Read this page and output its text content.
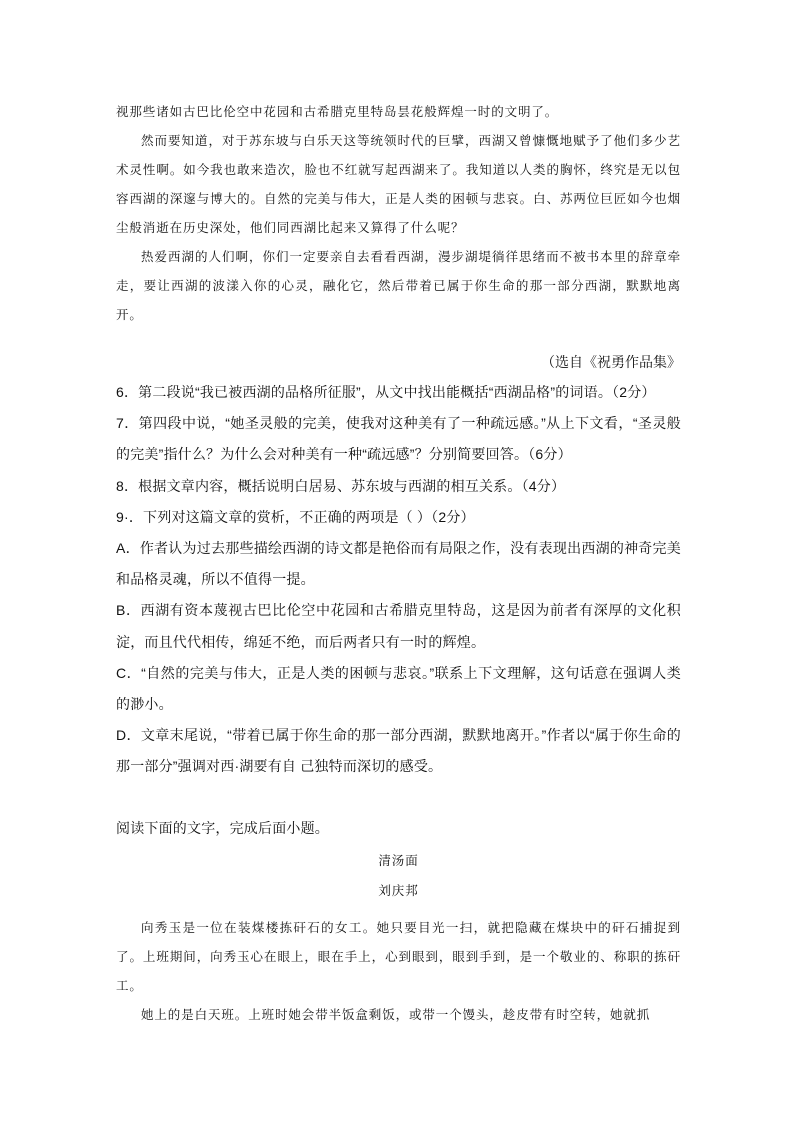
视那些诸如古巴比伦空中花园和古希腊克里特岛昙花般辉煌一时的文明了。

然而要知道，对于苏东坡与白乐天这等统领时代的巨擘，西湖又曾慷慨地赋予了他们多少艺术灵性啊。如今我也敢来造次，脸也不红就写起西湖来了。我知道以人类的胸怀，终究是无以包容西湖的深邃与博大的。自然的完美与伟大，正是人类的困顿与悲哀。白、苏两位巨匠如今也烟尘般消逝在历史深处，他们同西湖比起来又算得了什么呢？

热爱西湖的人们啊，你们一定要亲自去看看西湖，漫步湖堤徜徉思绪而不被书本里的辞章牵走，要让西湖的波漾入你的心灵，融化它，然后带着已属于你生命的那一部分西湖，默默地离开。

（选自《祝勇作品集》

6．第二段说“我已被西湖的品格所征服”，从文中找出能概括“西湖品格”的词语。（2分）

7．第四段中说，“她圣灵般的完美，使我对这种美有了一种疏远感。”从上下文看，“圣灵般的完美”指什么？为什么会对种美有一种“疏远感”？分别简要回答。（6分）

8．根据文章内容，概括说明白居易、苏东坡与西湖的相互关系。（4分）

9·．下列对这篇文章的赏析，不正确的两项是（ ）（2分）

A．作者认为过去那些描绘西湖的诗文都是艳俗而有局限之作，没有表现出西湖的神奇完美和品格灵魂，所以不值得一提。

B．西湖有资本蔑视古巴比伦空中花园和古希腊克里特岛，这是因为前者有深厚的文化积淀，而且代代相传，绵延不绝，而后两者只有一时的辉煌。

C．“自然的完美与伟大，正是人类的困顿与悲哀。”联系上下文理解，这句话意在强调人类的渺小。

D．文章末尾说，“带着已属于你生命的那一部分西湖，默默地离开。”作者以“属于你生命的那一部分”强调对西·湖要有自 己独特而深切的感受。

阅读下面的文字，完成后面小题。
清汤面
刘庆邦

向秀玉是一位在装煤楼拣矸石的女工。她只要目光一扫，就把隐藏在煤块中的矸石捕捉到了。上班期间，向秀玉心在眼上，眼在手上，心到眼到，眼到手到，是一个敬业的、称职的拣矸工。

她上的是白天班。上班时她会带半饭盒剩饭，或带一个馒头，趁皮带有时空转，她就抓
